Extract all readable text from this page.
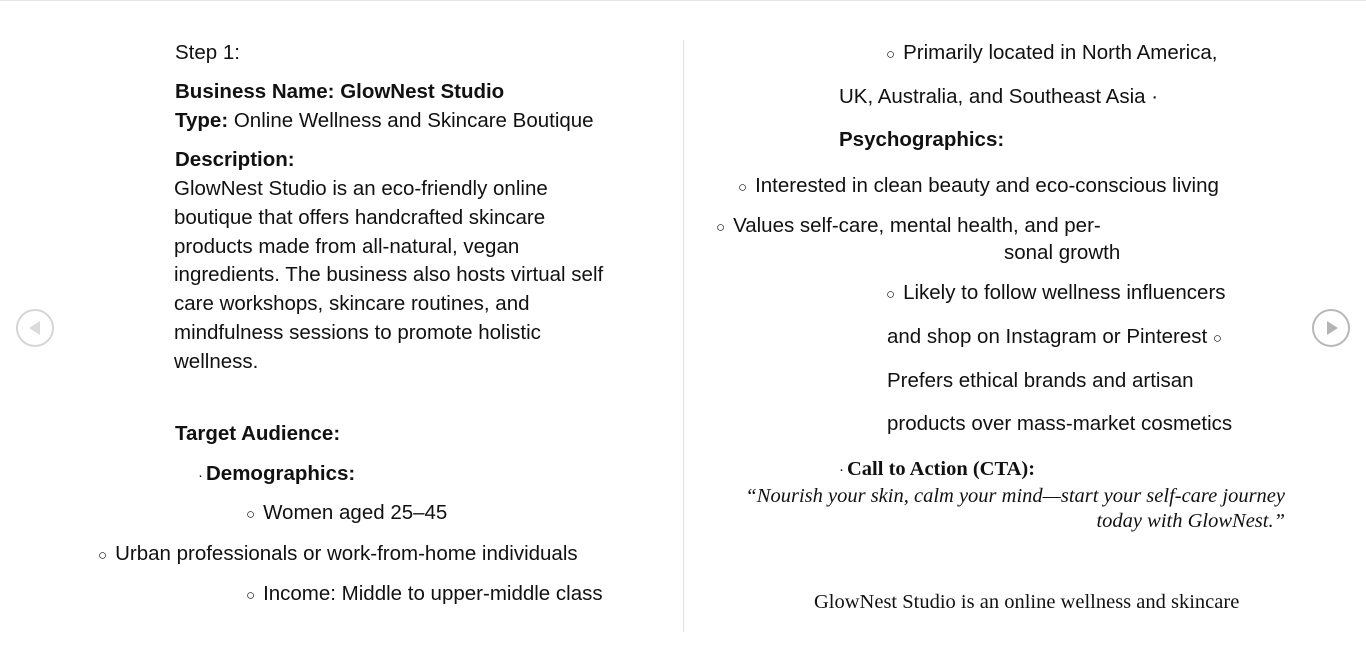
Step 1:
Business Name: GlowNest Studio
Type: Online Wellness and Skincare Boutique
Description:
GlowNest Studio is an eco-friendly online
boutique that offers handcrafted skincare
products made from all-natural, vegan
ingredients. The business also hosts virtual self
care workshops, skincare routines, and
mindfulness sessions to promote holistic
wellness.
Target Audience:
· Demographics:
○ Women aged 25–45
○ Urban professionals or work-from-home individuals
○ Income: Middle to upper-middle class
○ Primarily located in North America,
UK, Australia, and Southeast Asia ·
Psychographics:
○ Interested in clean beauty and eco-conscious living
○ Values self-care, mental health, and per-
sonal growth
○ Likely to follow wellness influencers
and shop on Instagram or Pinterest ○
Prefers ethical brands and artisan
products over mass-market cosmetics
· Call to Action (CTA):
“Nourish your skin, calm your mind—start your self-care journey today with GlowNest.”
GlowNest Studio is an online wellness and skincare
